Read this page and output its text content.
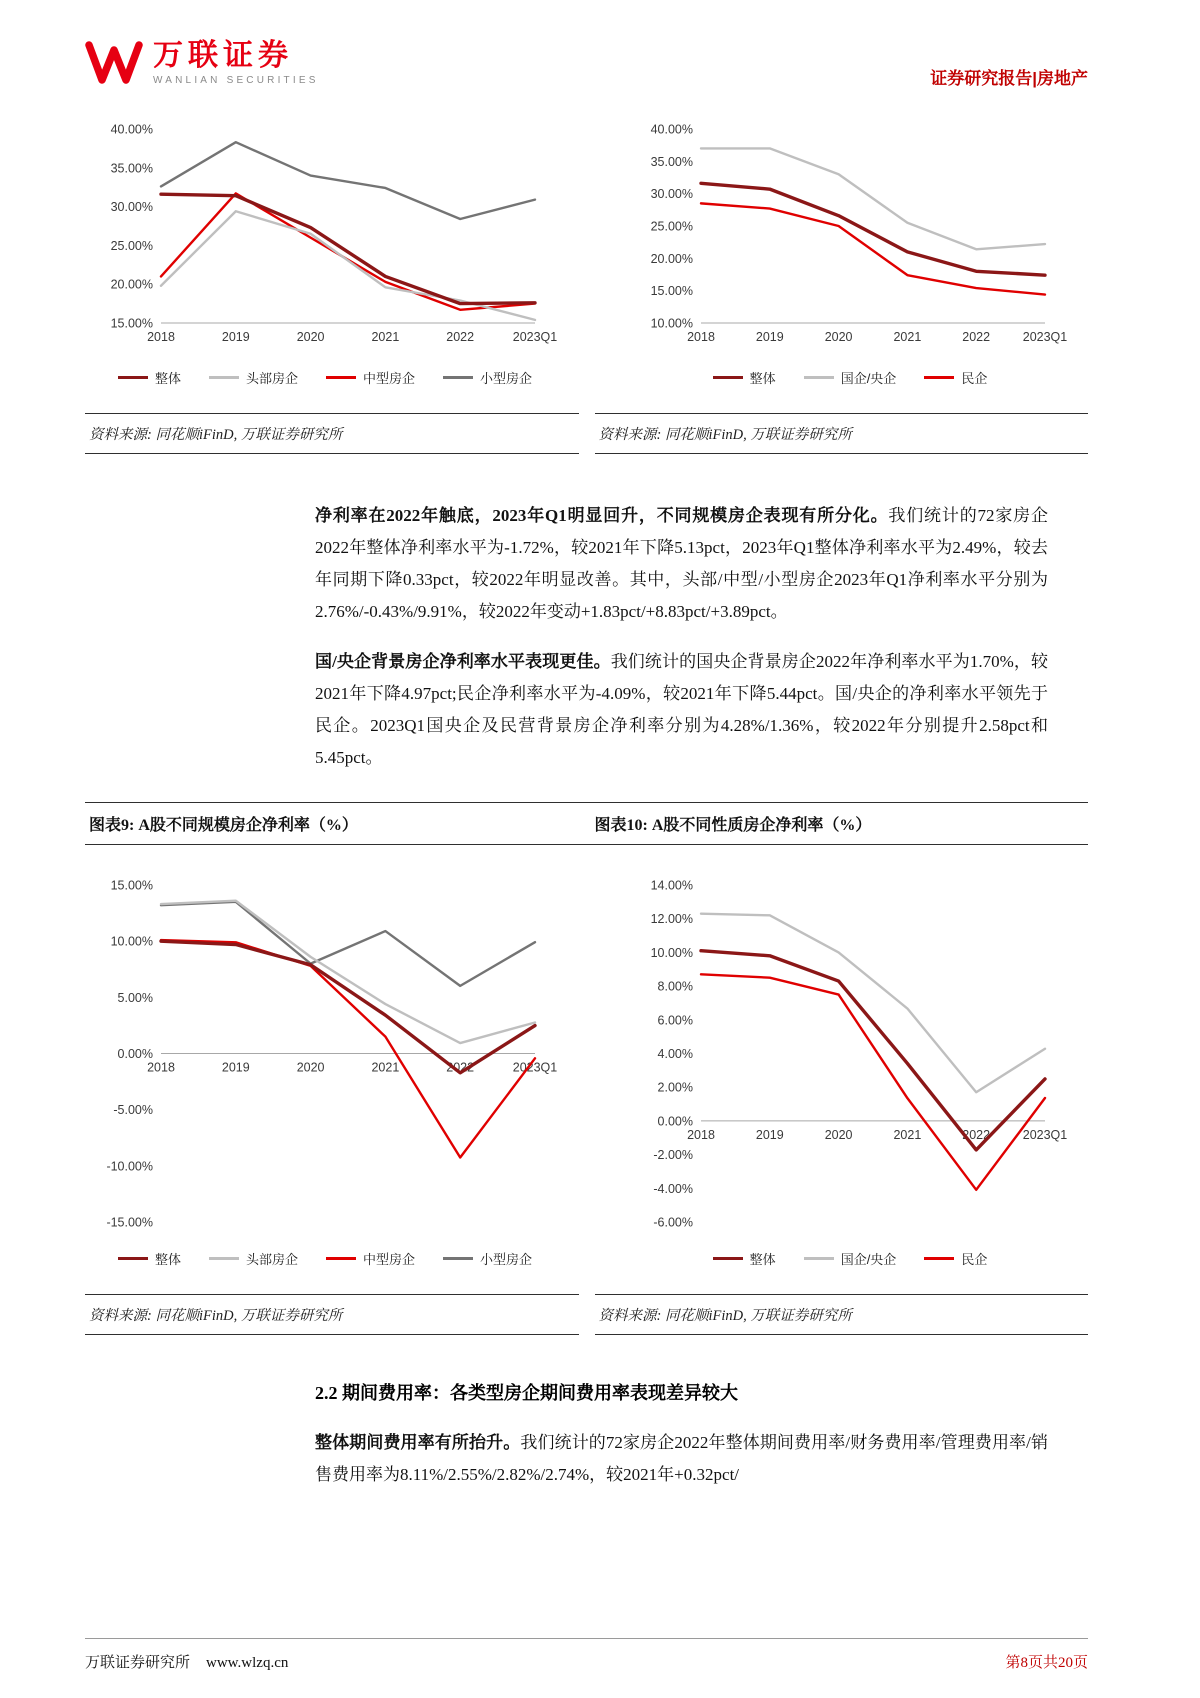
万联证券
WANLIAN SECURITIES	证券研究报告|房地产
40.00%
35.00%
30.00%
25.00%
20.00%
15.00%
2018	2019	2020	2021	2022	2023Q1
整体	头部房企	中型房企	小型房企
40.00%
35.00%
30.00%
25.00%
20.00%
15.00%
10.00%
2018	2019	2020	2021	2022	2023Q1
整体	国企/央企	民企
资料来源: 同花顺iFinD, 万联证券研究所	资料来源: 同花顺iFinD, 万联证券研究所

净利率在2022年触底，2023年Q1明显回升，不同规模房企表现有所分化。我们统计的72家房企2022年整体净利率水平为-1.72%，较2021年下降5.13pct，2023年Q1整体净利率水平为2.49%，较去年同期下降0.33pct，较2022年明显改善。其中，头部/中型/小型房企2023年Q1净利率水平分别为2.76%/-0.43%/9.91%，较2022年变动+1.83pct/+8.83pct/+3.89pct。

国/央企背景房企净利率水平表现更佳。我们统计的国央企背景房企2022年净利率水平为1.70%，较2021年下降4.97pct;民企净利率水平为-4.09%，较2021年下降5.44pct。国/央企的净利率水平领先于民企。2023Q1国央企及民营背景房企净利率分别为4.28%/1.36%，较2022年分别提升2.58pct和5.45pct。

图表9: A股不同规模房企净利率（%）	图表10: A股不同性质房企净利率（%）
15.00%
10.00%
5.00%
0.00%
-5.00%
-10.00%
-15.00%
2018	2019	2020	2021	2022	2023Q1
整体	头部房企	中型房企	小型房企
14.00%
12.00%
10.00%
8.00%
6.00%
4.00%
2.00%
0.00%
-2.00%
-4.00%
-6.00%
2018	2019	2020	2021	2022	2023Q1
整体	国企/央企	民企
资料来源: 同花顺iFinD, 万联证券研究所	资料来源: 同花顺iFinD, 万联证券研究所
2.2 期间费用率：各类型房企期间费用率表现差异较大

整体期间费用率有所抬升。我们统计的72家房企2022年整体期间费用率/财务费用率/管理费用率/销售费用率为8.11%/2.55%/2.82%/2.74%，较2021年+0.32pct/

万联证券研究所 www.wlzq.cn	第8页共20页
